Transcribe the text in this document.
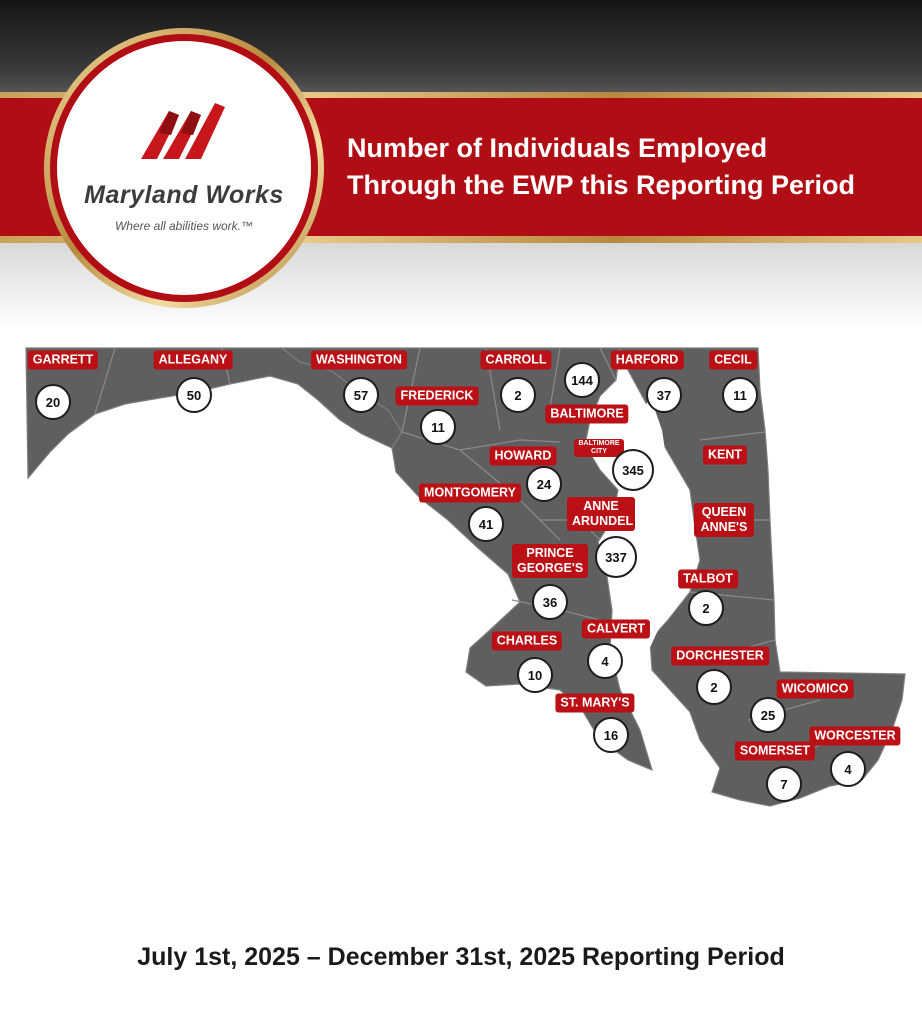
Number of Individuals Employed
Through the EWP this Reporting Period
Maryland Works
Where all abilities work.™
GARRETT	ALLEGANY	WASHINGTON
FREDERICK
CARROLL
BALTIMORE
HARFORD	CECIL
BALTIMORE CITY
HOWARD
MONTGOMERY
ANNE ARUNDEL
KENT
QUEEN ANNE'S
PRINCE GEORGE'S
TALBOT
CALVERT
CHARLES
DORCHESTER
WICOMICO
ST. MARY'S
WORCESTER
SOMERSET
20	50	57
11
2
144
37	11
345
24
41
337
36	2
4
10
2
25
16
4
7
July 1st, 2025 – December 31st, 2025 Reporting Period
